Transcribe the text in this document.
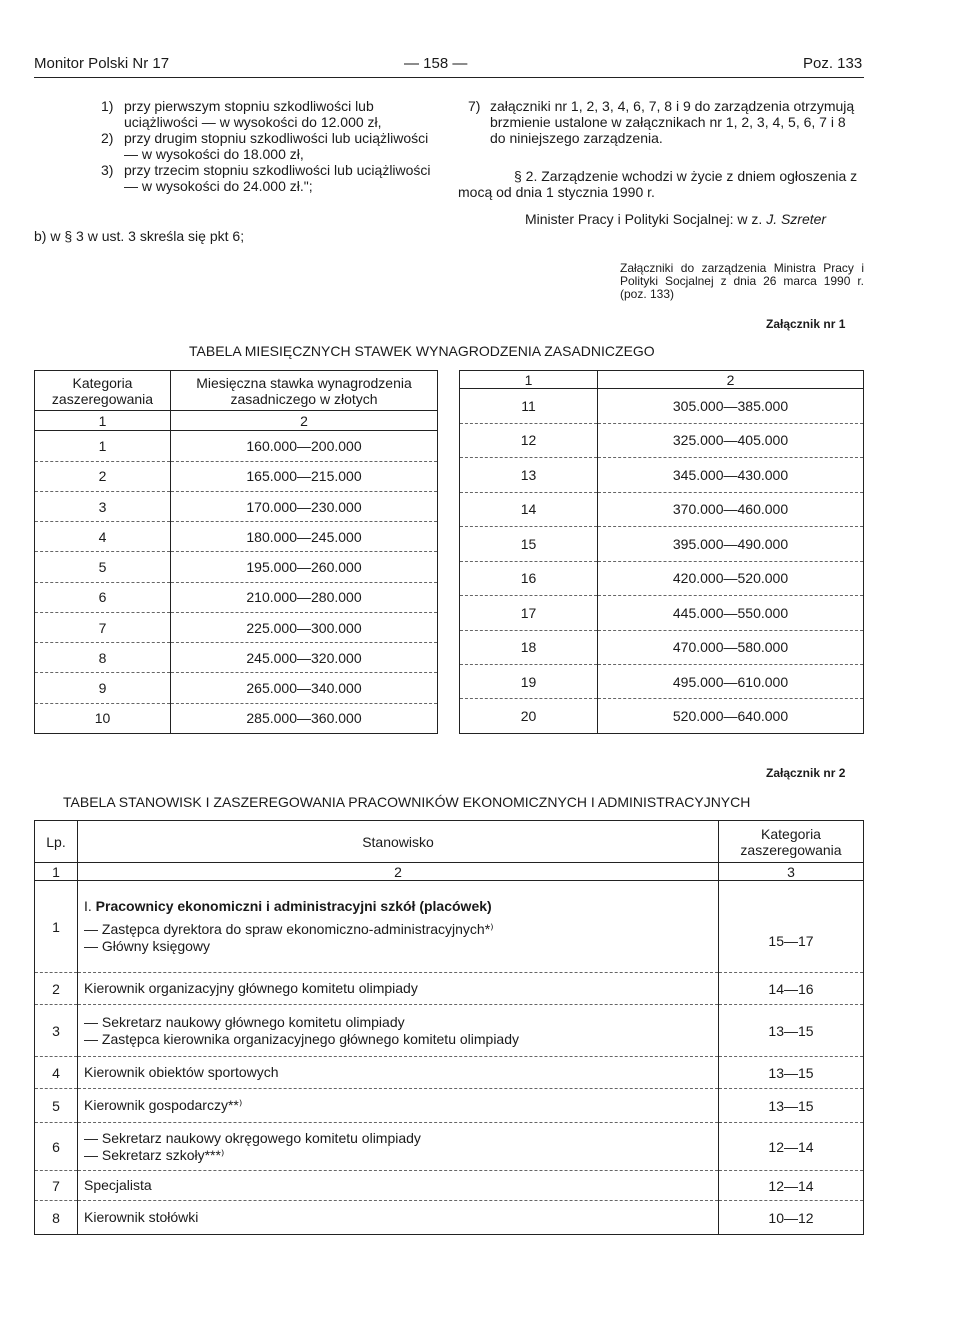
Monitor Polski Nr 17	— 158 —	Poz. 133
1) przy pierwszym stopniu szkodliwości lub uciążliwości — w wysokości do 12.000 zł,
2) przy drugim stopniu szkodliwości lub uciążliwości — w wysokości do 18.000 zł,
3) przy trzecim stopniu szkodliwości lub uciążliwości — w wysokości do 24.000 zł.";
b) w § 3 w ust. 3 skreśla się pkt 6;
7) załączniki nr 1, 2, 3, 4, 6, 7, 8 i 9 do zarządzenia otrzymują brzmienie ustalone w załącznikach nr 1, 2, 3, 4, 5, 6, 7 i 8 do niniejszego zarządzenia.
§ 2. Zarządzenie wchodzi w życie z dniem ogłoszenia z mocą od dnia 1 stycznia 1990 r.
Minister Pracy i Polityki Socjalnej: w z. J. Szreter
Załączniki do zarządzenia Ministra Pracy i Polityki Socjalnej z dnia 26 marca 1990 r. (poz. 133)
Załącznik nr 1
TABELA MIESIĘCZNYCH STAWEK WYNAGRODZENIA ZASADNICZEGO
Kategoria zaszeregowania	Miesięczna stawka wynagrodzenia zasadniczego w złotych
1	2
1	160.000—200.000
2	165.000—215.000
3	170.000—230.000
4	180.000—245.000
5	195.000—260.000
6	210.000—280.000
7	225.000—300.000
8	245.000—320.000
9	265.000—340.000
10	285.000—360.000
1	2
11	305.000—385.000
12	325.000—405.000
13	345.000—430.000
14	370.000—460.000
15	395.000—490.000
16	420.000—520.000
17	445.000—550.000
18	470.000—580.000
19	495.000—610.000
20	520.000—640.000
Załącznik nr 2
TABELA STANOWISK I ZASZEREGOWANIA PRACOWNIKÓW EKONOMICZNYCH I ADMINISTRACYJNYCH
Lp.	Stanowisko	Kategoria zaszeregowania
1	2	3
1	I. Pracownicy ekonomiczni i administracyjni szkół (placówek)
— Zastępca dyrektora do spraw ekonomiczno-administracyjnych*⁾
— Główny księgowy	15—17
2	Kierownik organizacyjny głównego komitetu olimpiady	14—16
3	— Sekretarz naukowy głównego komitetu olimpiady
— Zastępca kierownika organizacyjnego głównego komitetu olimpiady	13—15
4	Kierownik obiektów sportowych	13—15
5	Kierownik gospodarczy**⁾	13—15
6	— Sekretarz naukowy okręgowego komitetu olimpiady
— Sekretarz szkoły***⁾	12—14
7	Specjalista	12—14
8	Kierownik stołówki	10—12
